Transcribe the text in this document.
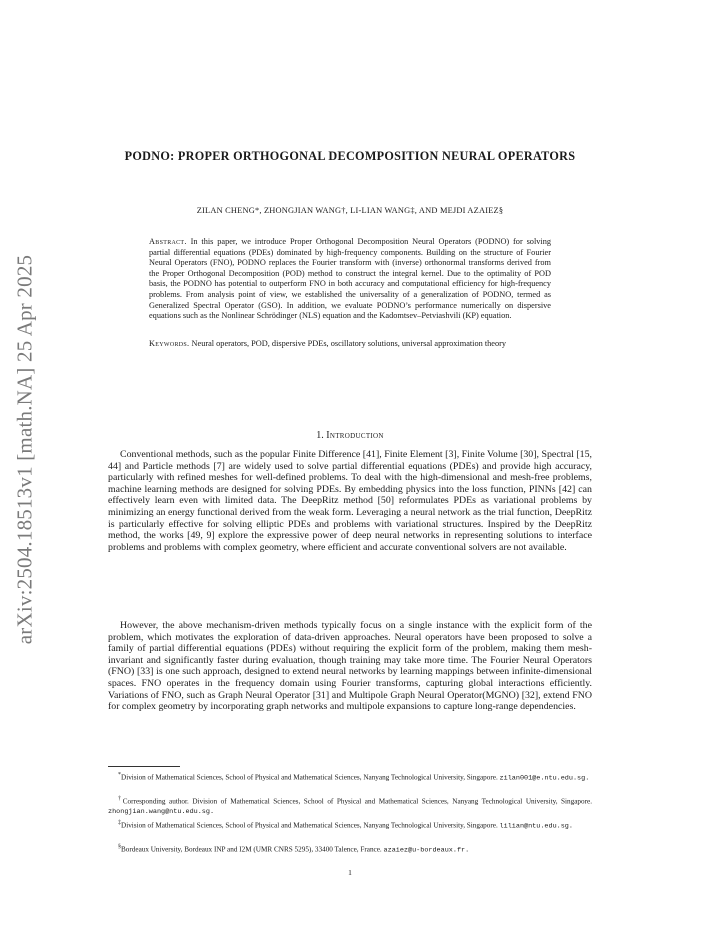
arXiv:2504.18513v1 [math.NA] 25 Apr 2025
PODNO: PROPER ORTHOGONAL DECOMPOSITION NEURAL OPERATORS
ZILAN CHENG*, ZHONGJIAN WANG†, LI-LIAN WANG‡, AND MEJDI AZAIEZ§
Abstract. In this paper, we introduce Proper Orthogonal Decomposition Neural Operators (PODNO) for solving partial differential equations (PDEs) dominated by high-frequency components. Building on the structure of Fourier Neural Operators (FNO), PODNO replaces the Fourier transform with (inverse) orthonormal transforms derived from the Proper Orthogonal Decomposition (POD) method to construct the integral kernel. Due to the optimality of POD basis, the PODNO has potential to outperform FNO in both accuracy and computational efficiency for high-frequency problems. From analysis point of view, we established the universality of a generalization of PODNO, termed as Generalized Spectral Operator (GSO). In addition, we evaluate PODNO’s performance numerically on dispersive equations such as the Nonlinear Schrödinger (NLS) equation and the Kadomtsev–Petviashvili (KP) equation.
Keywords. Neural operators, POD, dispersive PDEs, oscillatory solutions, universal approximation theory
1. Introduction
Conventional methods, such as the popular Finite Difference [41], Finite Element [3], Finite Volume [30], Spectral [15, 44] and Particle methods [7] are widely used to solve partial differential equations (PDEs) and provide high accuracy, particularly with refined meshes for well-defined problems. To deal with the high-dimensional and mesh-free problems, machine learning methods are designed for solving PDEs. By embedding physics into the loss function, PINNs [42] can effectively learn even with limited data. The DeepRitz method [50] reformulates PDEs as variational problems by minimizing an energy functional derived from the weak form. Leveraging a neural network as the trial function, DeepRitz is particularly effective for solving elliptic PDEs and problems with variational structures. Inspired by the DeepRitz method, the works [49, 9] explore the expressive power of deep neural networks in representing solutions to interface problems and problems with complex geometry, where efficient and accurate conventional solvers are not available.
However, the above mechanism-driven methods typically focus on a single instance with the explicit form of the problem, which motivates the exploration of data-driven approaches. Neural operators have been proposed to solve a family of partial differential equations (PDEs) without requiring the explicit form of the problem, making them mesh-invariant and significantly faster during evaluation, though training may take more time. The Fourier Neural Operators (FNO) [33] is one such approach, designed to extend neural networks by learning mappings between infinite-dimensional spaces. FNO operates in the frequency domain using Fourier transforms, capturing global interactions efficiently. Variations of FNO, such as Graph Neural Operator [31] and Multipole Graph Neural Operator(MGNO) [32], extend FNO for complex geometry by incorporating graph networks and multipole expansions to capture long-range dependencies.
*Division of Mathematical Sciences, School of Physical and Mathematical Sciences, Nanyang Technological University, Singapore. zilan001@e.ntu.edu.sg.
†Corresponding author. Division of Mathematical Sciences, School of Physical and Mathematical Sciences, Nanyang Technological University, Singapore. zhongjian.wang@ntu.edu.sg.
‡Division of Mathematical Sciences, School of Physical and Mathematical Sciences, Nanyang Technological University, Singapore. lilian@ntu.edu.sg.
§Bordeaux University, Bordeaux INP and I2M (UMR CNRS 5295), 33400 Talence, France. azaiez@u-bordeaux.fr.
1
